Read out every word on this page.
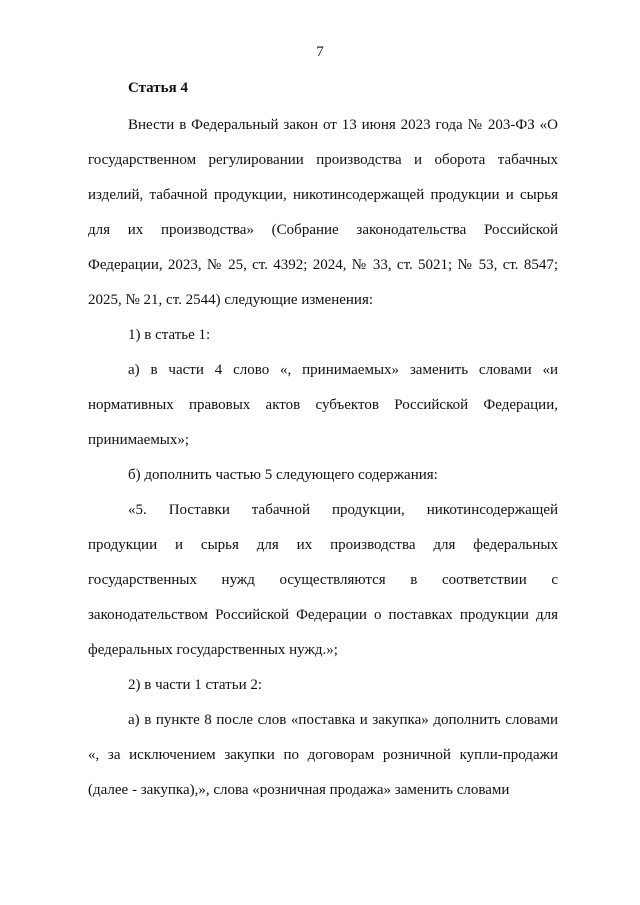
7
Статья 4

Внести в Федеральный закон от 13 июня 2023 года № 203-ФЗ «О государственном регулировании производства и оборота табачных изделий, табачной продукции, никотинсодержащей продукции и сырья для их производства» (Собрание законодательства Российской Федерации, 2023, № 25, ст. 4392; 2024, № 33, ст. 5021; № 53, ст. 8547; 2025, № 21, ст. 2544) следующие изменения:

1) в статье 1:

а) в части 4 слово «, принимаемых» заменить словами «и нормативных правовых актов субъектов Российской Федерации, принимаемых»;

б) дополнить частью 5 следующего содержания:

«5. Поставки табачной продукции, никотинсодержащей продукции и сырья для их производства для федеральных государственных нужд осуществляются в соответствии с законодательством Российской Федерации о поставках продукции для федеральных государственных нужд.»;

2) в части 1 статьи 2:

а) в пункте 8 после слов «поставка и закупка» дополнить словами «, за исключением закупки по договорам розничной купли-продажи (далее - закупка),», слова «розничная продажа» заменить словами
